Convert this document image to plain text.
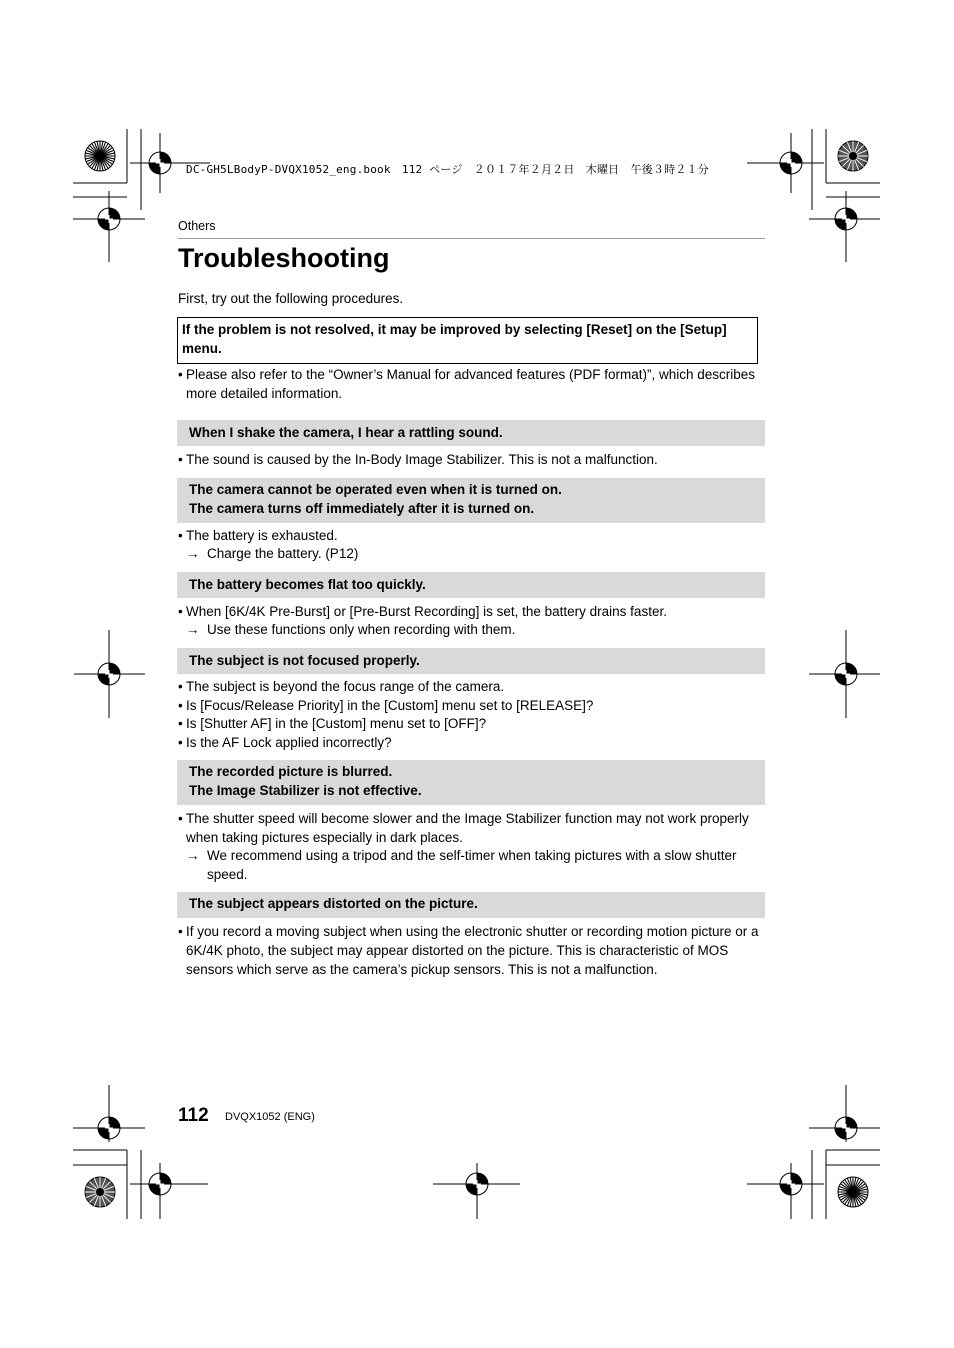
DC-GH5LBodyP-DVQX1052_eng.book　112 ページ　２０１７年２月２日　木曜日　午後３時２１分
Others
Troubleshooting
First, try out the following procedures.
If the problem is not resolved, it may be improved by selecting [Reset] on the [Setup] menu.
• Please also refer to the “Owner’s Manual for advanced features (PDF format)”, which describes more detailed information.
When I shake the camera, I hear a rattling sound.
• The sound is caused by the In-Body Image Stabilizer. This is not a malfunction.
The camera cannot be operated even when it is turned on.
The camera turns off immediately after it is turned on.
• The battery is exhausted.
→ Charge the battery. (P12)
The battery becomes flat too quickly.
• When [6K/4K Pre-Burst] or [Pre-Burst Recording] is set, the battery drains faster.
→ Use these functions only when recording with them.
The subject is not focused properly.
• The subject is beyond the focus range of the camera.
• Is [Focus/Release Priority] in the [Custom] menu set to [RELEASE]?
• Is [Shutter AF] in the [Custom] menu set to [OFF]?
• Is the AF Lock applied incorrectly?
The recorded picture is blurred.
The Image Stabilizer is not effective.
• The shutter speed will become slower and the Image Stabilizer function may not work properly when taking pictures especially in dark places.
→ We recommend using a tripod and the self-timer when taking pictures with a slow shutter speed.
The subject appears distorted on the picture.
• If you record a moving subject when using the electronic shutter or recording motion picture or a 6K/4K photo, the subject may appear distorted on the picture. This is characteristic of MOS sensors which serve as the camera’s pickup sensors. This is not a malfunction.
112 DVQX1052 (ENG)
